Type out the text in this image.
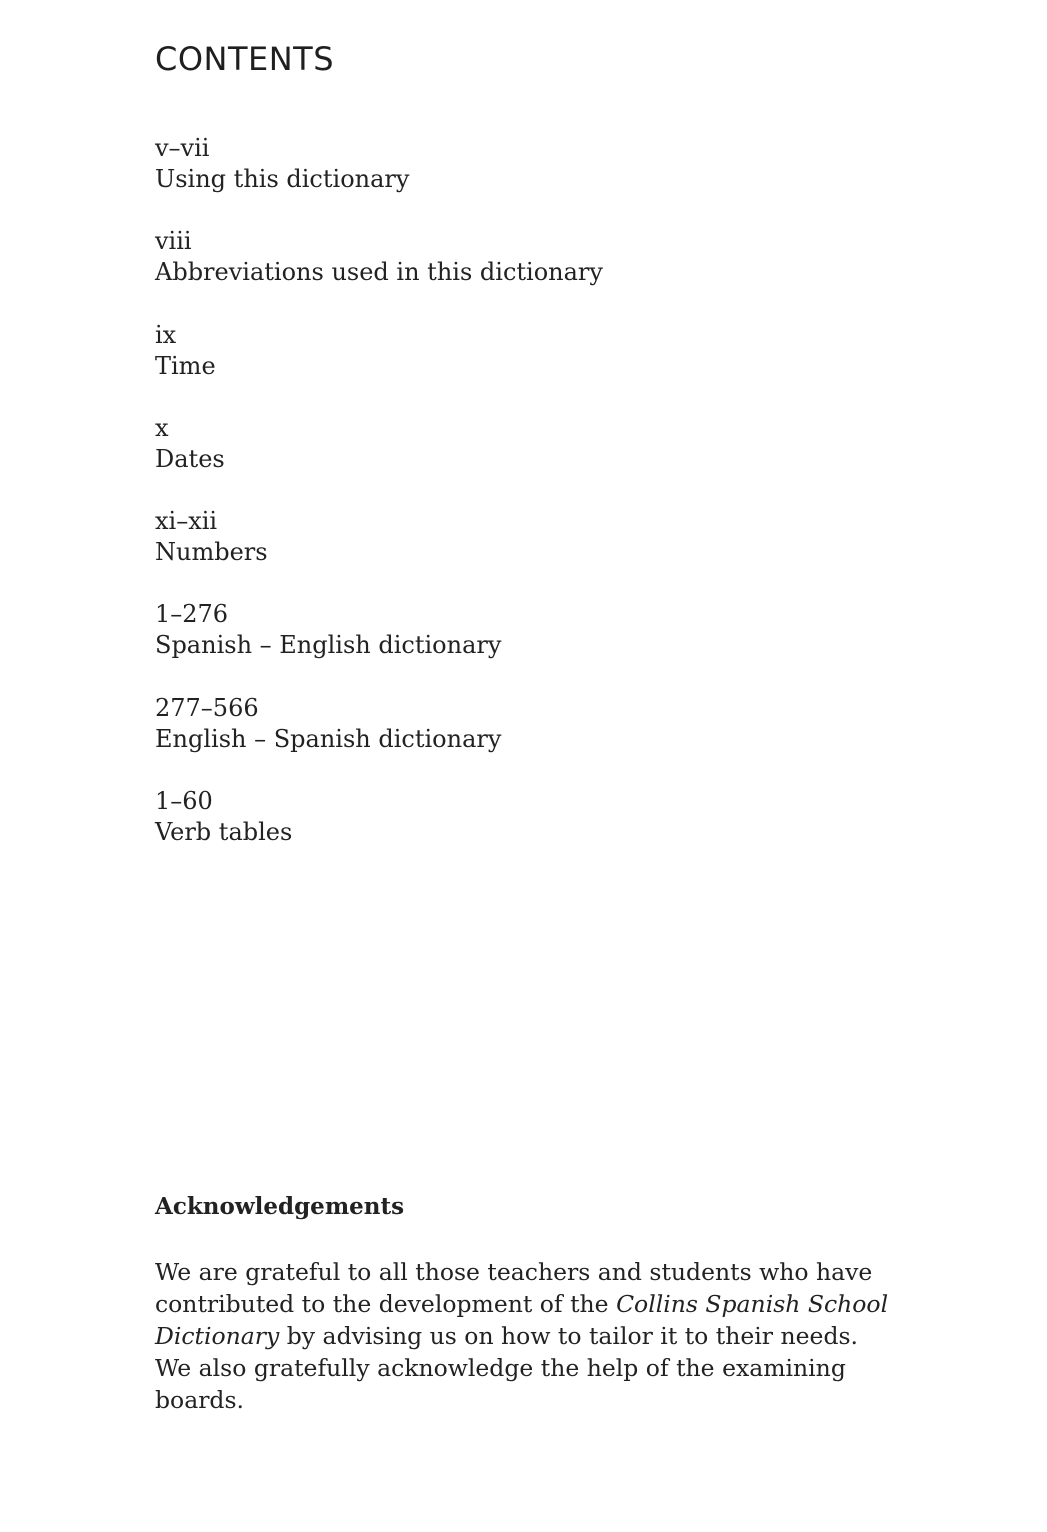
CONTENTS
v–vii
Using this dictionary
viii
Abbreviations used in this dictionary
ix
Time
x
Dates
xi–xii
Numbers
1–276
Spanish – English dictionary
277–566
English – Spanish dictionary
1–60
Verb tables
Acknowledgements

We are grateful to all those teachers and students who have contributed to the development of the Collins Spanish School Dictionary by advising us on how to tailor it to their needs. We also gratefully acknowledge the help of the examining boards.
